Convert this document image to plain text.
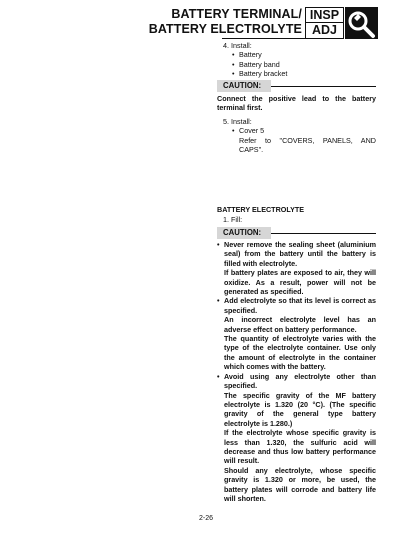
BATTERY TERMINAL/
BATTERY ELECTROLYTE
INSP
ADJ
4. Install:
• Battery
• Battery band
• Battery bracket
CAUTION:
Connect the positive lead to the battery terminal first.
5. Install:
• Cover 5
Refer to "COVERS, PANELS, AND CAPS".
BATTERY ELECTROLYTE
1. Fill:
CAUTION:
• Never remove the sealing sheet (aluminium seal) from the battery until the battery is filled with electrolyte.
If battery plates are exposed to air, they will oxidize. As a result, power will not be generated as specified.
• Add electrolyte so that its level is correct as specified.
An incorrect electrolyte level has an adverse effect on battery performance.
The quantity of electrolyte varies with the type of the electrolyte container. Use only the amount of electrolyte in the container which comes with the battery.
• Avoid using any electrolyte other than specified.
The specific gravity of the MF battery electrolyte is 1.320 (20 °C). (The specific gravity of the general type battery electrolyte is 1.280.)
If the electrolyte whose specific gravity is less than 1.320, the sulfuric acid will decrease and thus low battery performance will result.
Should any electrolyte, whose specific gravity is 1.320 or more, be used, the battery plates will corrode and battery life will shorten.
2-26
